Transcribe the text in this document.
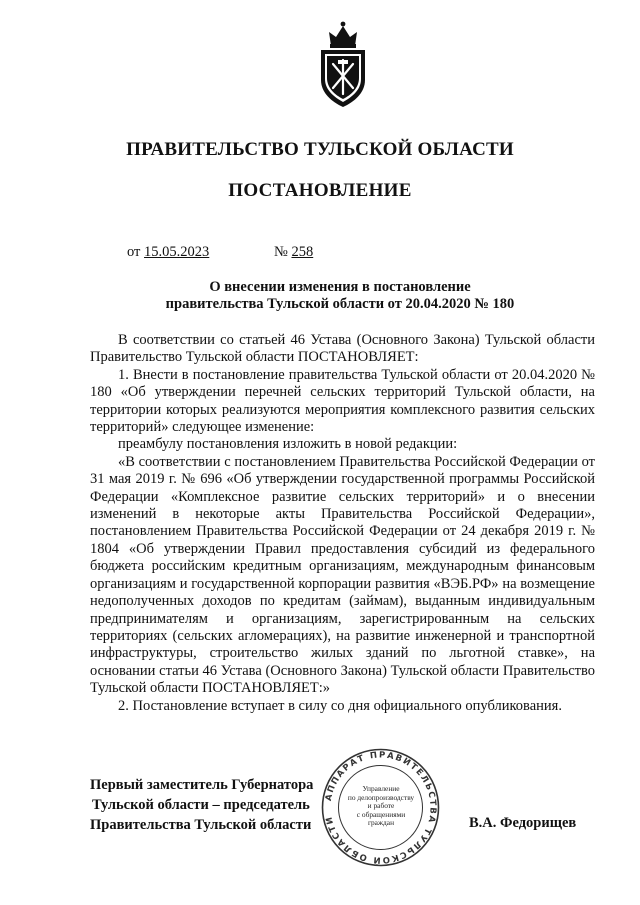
ПРАВИТЕЛЬСТВО ТУЛЬСКОЙ ОБЛАСТИ
ПОСТАНОВЛЕНИЕ
от 15.05.2023	№ 258
О внесении изменения в постановление
правительства Тульской области от 20.04.2020 № 180

В соответствии со статьей 46 Устава (Основного Закона) Тульской области Правительство Тульской области ПОСТАНОВЛЯЕТ:

1. Внести в постановление правительства Тульской области от 20.04.2020 № 180 «Об утверждении перечней сельских территорий Тульской области, на территории которых реализуются мероприятия комплексного развития сельских территорий» следующее изменение:

преамбулу постановления изложить в новой редакции:

«В соответствии с постановлением Правительства Российской Федерации от 31 мая 2019 г. № 696 «Об утверждении государственной программы Российской Федерации «Комплексное развитие сельских территорий» и о внесении изменений в некоторые акты Правительства Российской Федерации», постановлением Правительства Российской Федерации от 24 декабря 2019 г. № 1804 «Об утверждении Правил предоставления субсидий из федерального бюджета российским кредитным организациям, международным финансовым организациям и государственной корпорации развития «ВЭБ.РФ» на возмещение недополученных доходов по кредитам (займам), выданным индивидуальным предпринимателям и организациям, зарегистрированным на сельских территориях (сельских агломерациях), на развитие инженерной и транспортной инфраструктуры, строительство жилых зданий по льготной ставке», на основании статьи 46 Устава (Основного Закона) Тульской области Правительство Тульской области ПОСТАНОВЛЯЕТ:»

2. Постановление вступает в силу со дня официального опубликования.

АППАРАТ ПРАВИТЕЛЬСТВА ТУЛЬСКОЙ ОБЛАСТИ
Управление
по делопроизводству
и работе
с обращениями
граждан
Первый заместитель Губернатора
Тульской области – председатель
Правительства Тульской области	В.А. Федорищев
